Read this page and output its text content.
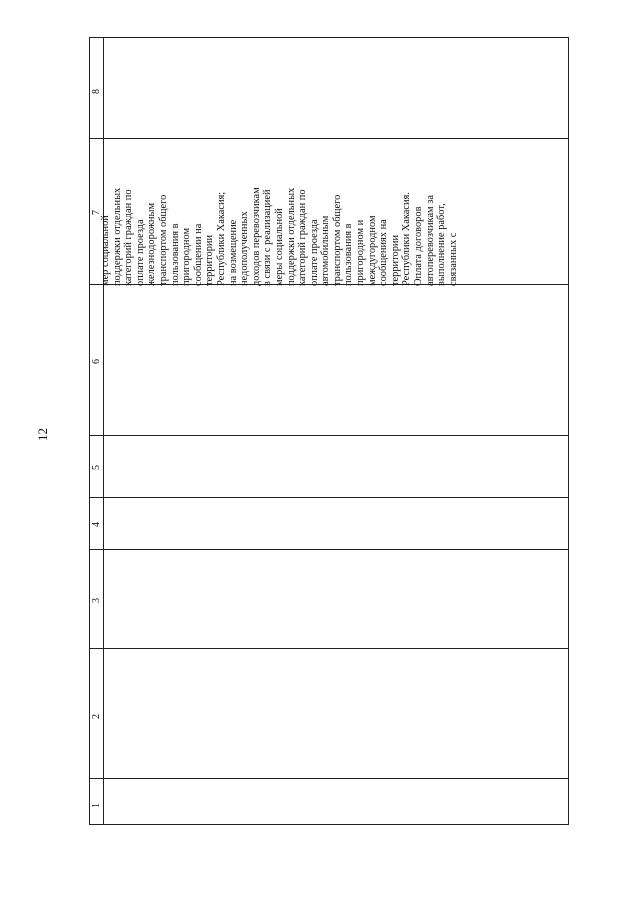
12
8
7
6
5
4
3
2
1
мер социальной поддержки отдельных категорий граждан по оплате проезда железнодорожным транспортом общего пользования в пригородном сообщении на территории Республики Хакасия; на возмещение недополученных доходов перевозчикам в связи с реализацией меры социальной поддержки отдельных категорий граждан по оплате проезда автомобильным транспортом общего пользования в пригородном и междугородном сообщениях на территории Республики Хакасия. Оплата договоров автоперевозчикам за выполнение работ, связанных с
